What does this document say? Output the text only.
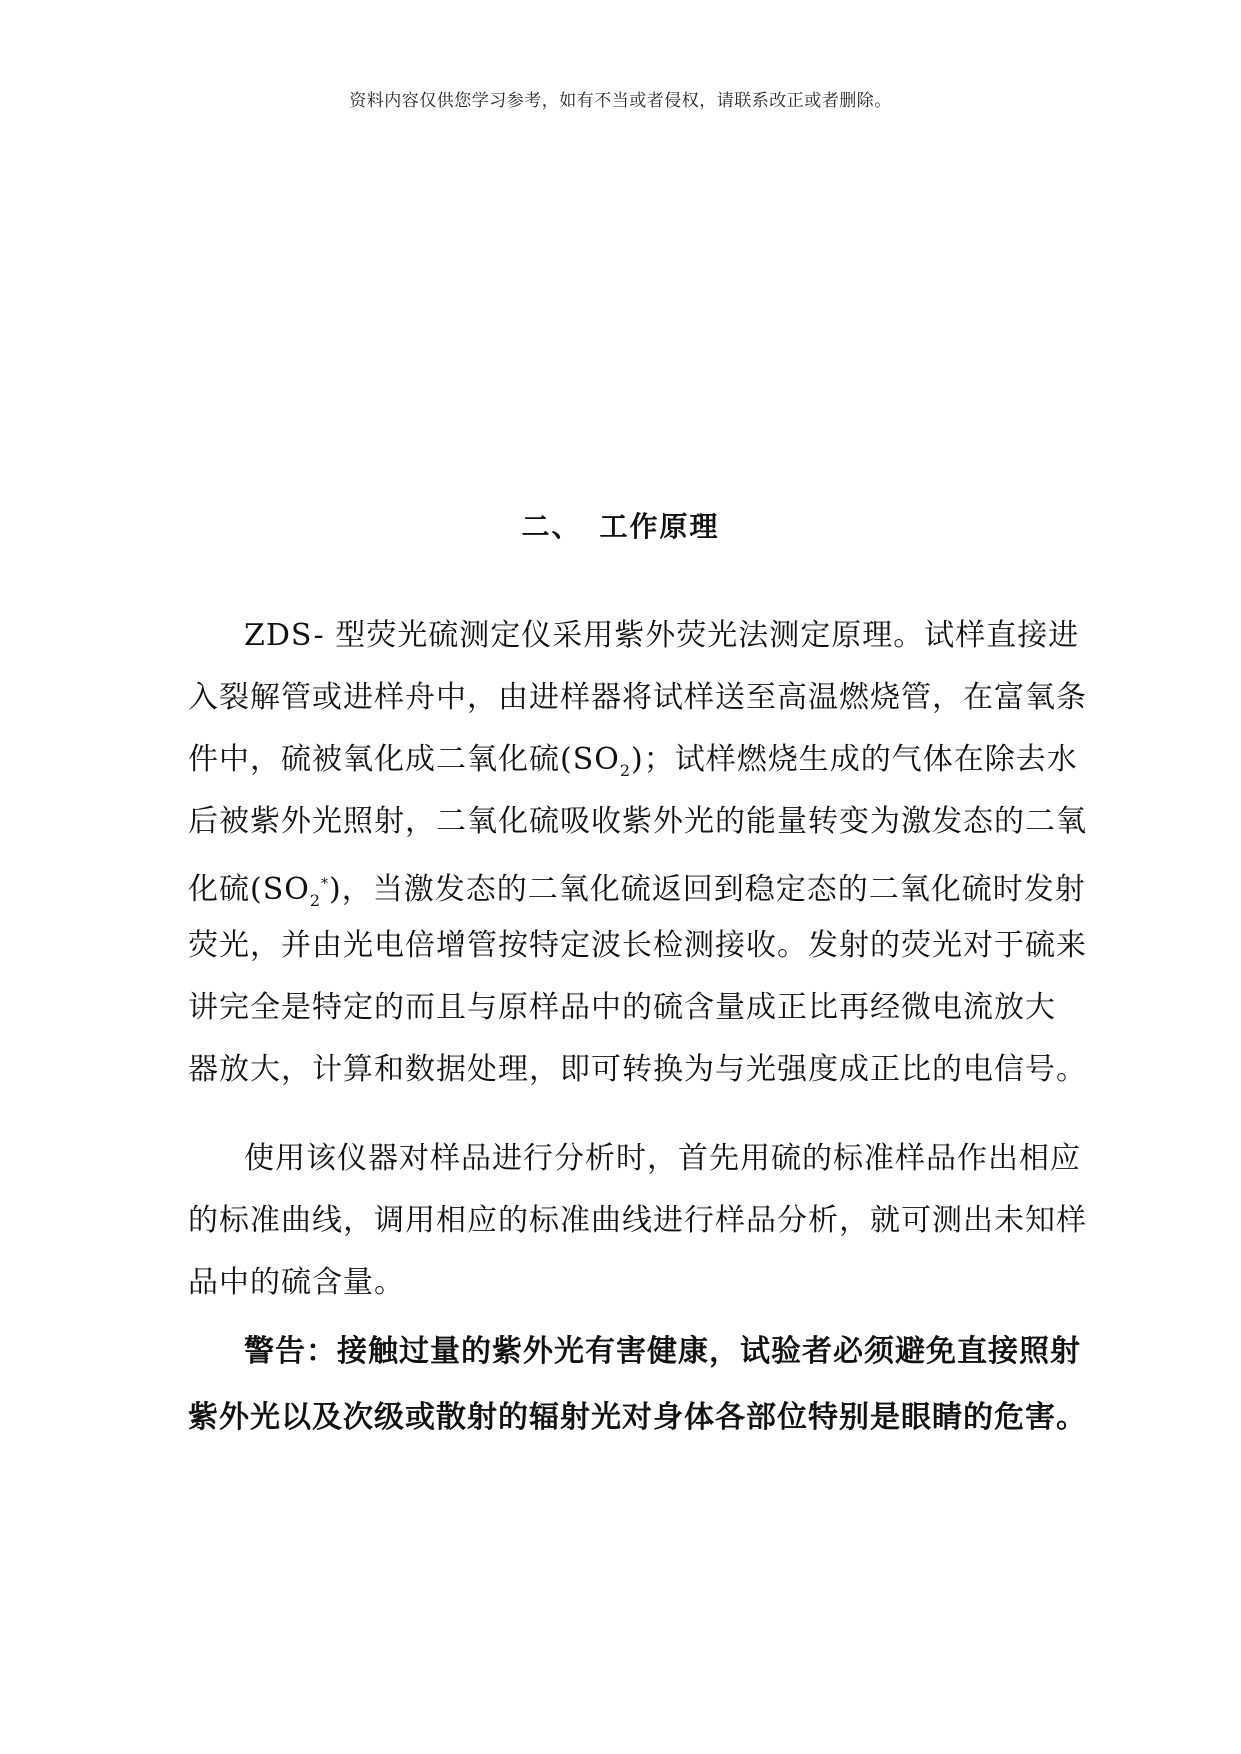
资料内容仅供您学习参考，如有不当或者侵权，请联系改正或者删除。
二、 工作原理
ZDS- 型荧光硫测定仪采用紫外荧光法测定原理。试样直接进
入裂解管或进样舟中，由进样器将试样送至高温燃烧管，在富氧条
件中，硫被氧化成二氧化硫$(SO_2)$；试样燃烧生成的气体在除去水
后被紫外光照射，二氧化硫吸收紫外光的能量转变为激发态的二氧
化硫$(SO_2^*)$，当激发态的二氧化硫返回到稳定态的二氧化硫时发射
荧光，并由光电倍增管按特定波长检测接收。发射的荧光对于硫来
讲完全是特定的而且与原样品中的硫含量成正比再经微电流放大
器放大，计算和数据处理，即可转换为与光强度成正比的电信号。
使用该仪器对样品进行分析时，首先用硫的标准样品作出相应
的标准曲线，调用相应的标准曲线进行样品分析，就可测出未知样
品中的硫含量。
警告：接触过量的紫外光有害健康，试验者必须避免直接照射
紫外光以及次级或散射的辐射光对身体各部位特别是眼睛的危害。
